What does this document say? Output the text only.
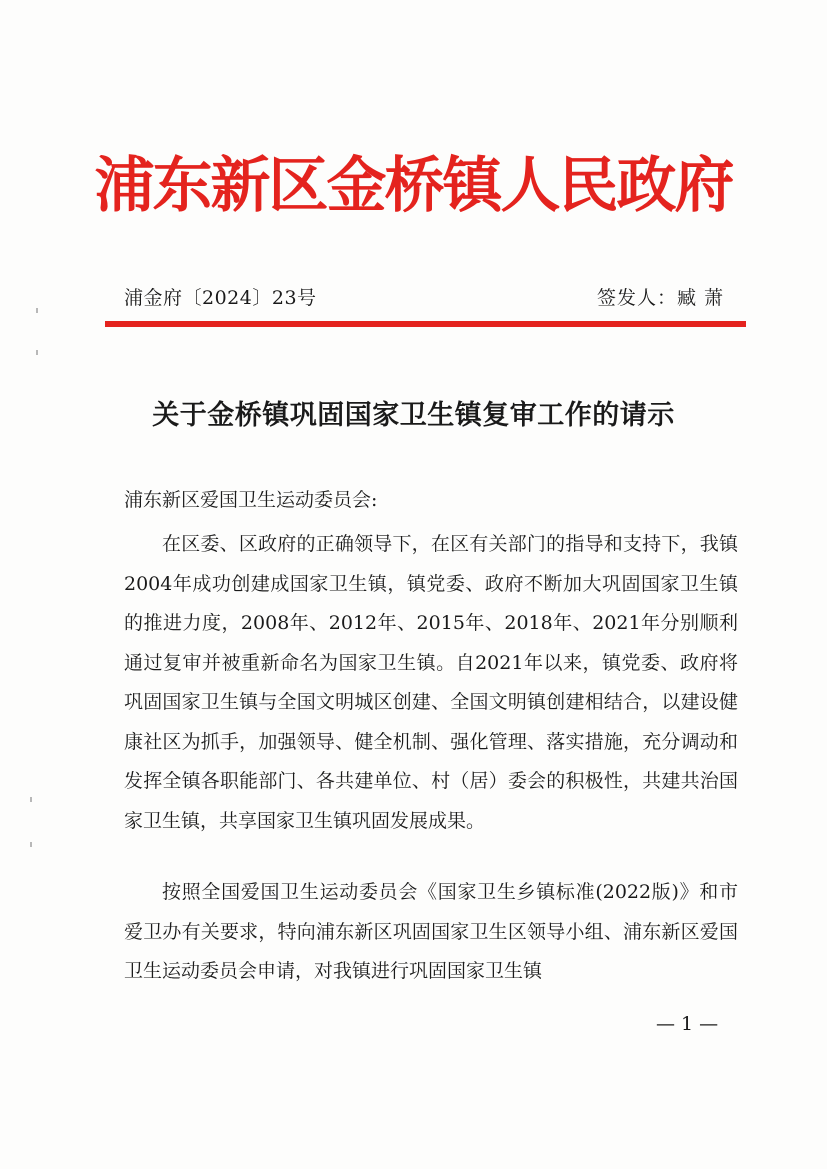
浦东新区金桥镇人民政府
浦金府〔2024〕23号	签发人：臧 萧
关于金桥镇巩固国家卫生镇复审工作的请示
浦东新区爱国卫生运动委员会:

在区委、区政府的正确领导下，在区有关部门的指导和支持下，我镇2004年成功创建成国家卫生镇，镇党委、政府不断加大巩固国家卫生镇的推进力度，2008年、2012年、2015年、2018年、2021年分别顺利通过复审并被重新命名为国家卫生镇。自2021年以来，镇党委、政府将巩固国家卫生镇与全国文明城区创建、全国文明镇创建相结合，以建设健康社区为抓手，加强领导、健全机制、强化管理、落实措施，充分调动和发挥全镇各职能部门、各共建单位、村（居）委会的积极性，共建共治国家卫生镇，共享国家卫生镇巩固发展成果。

按照全国爱国卫生运动委员会《国家卫生乡镇标准(2022版)》和市爱卫办有关要求，特向浦东新区巩固国家卫生区领导小组、浦东新区爱国卫生运动委员会申请，对我镇进行巩固国家卫生镇

— 1 —
